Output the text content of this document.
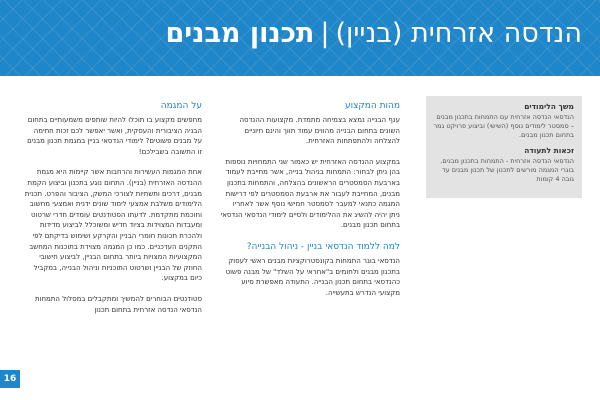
הנדסה אזרחית (בניין)|תכנון מבנים
משך הלימודים
הנדסאי הנדסה אזרחית עם התמחות בתכנון מבנים – סמסטר לימודים נוסף (השישי) וביצוע פרויקט גמר בתחום תכנון מבנים.
זכאות לתעודה
הנדסאי הנדסה אזרחית - התמחות בתכנון מבנים, בוגרי המגמה מורשים לתכנון של תכנון מבנים עד גובה 4 קומות
מהות המקצוע
ענף הבנייה נמצא בצמיחה מתמדת. מקצועות ההנדסה השונים בתחום הבנייה מהווים עמוד תווך והינם חיוניים להצלחה ולהתפתחות האזרחית.
במקצוע ההנדסה האזרחית יש כאמור שני התמחויות נוספות בהן ניתן לבחור: התמחות בניהול בנייה, אשר מחייבת לעמוד בארבעת הסמסטרים הראשונים בהצלחה, והתמחות בתכנון מבנים, המחייבת לעבור את ארבעת הסמסטרים לפי דרישות המגמה כתנאי למעבר לסמסטר חמישי נוסף אשר לאחריו ניתן יהיה להשיג את ההלימודים ולסיים לימודי הנדסאי הנדסאי בתחום תכנון מבנים.
למה ללמוד הנדסאי בניין - ניהול הבנייה?
הנדסאי בוגר התמחות בקונסטרוקציות מבנים ראשי לעסוק בתכנון מבנים ולחומים ב"אחראי על השלד" של מבנה פשוט כהנדסאי בתחום תכנון הבנייה. התעודה מאפשרת סיוע מקצועי הנדרש בתעשייה.
על המגמה
מחפשים מקצוע בו תוכלו להיות שותפים משמעותיים בתחום הבניה הציבורית והעסקית, ואשר יאפשר לכם זכות חתימה על מבנים פשוטים? לימודי הנדסאי בניין במגמת תכנון מבנים זו התשובה בשבילכם!
אחת המגמות העשירות והרחבות אשר קיימות היא מגמת ההנדסה האזרחית (בניין). התחום נוגע בתכנון וביצוע הקמת מבנים, דרכים ותשתיות לצורכי המשק, הציבור והפרט. תכנית הלימודים משלבת אמצעי לימוד שונים ידנית ואמצעי מחשוב וחוכמת מתקדמת. לדעתו הסטודנטים עומדים חדרי שרטוט ומעבדות המצוידות בציוד חדיש ומשוכלל לביצוע מדידות ולהכרת תכונות חומרי הבניין והקרקע ושימוש בדיקתם לפי התקנים העדכניים. כמו כן המגמה מצוידת בתוכנות המחשב המקצועיות המצויות ביותר בתחום הבניין, לביצוע חישובי החוזק של הבניין ושרטוט התוכניות וניהול הבנייה, במקביל כיום במקצוע.
סטודנטים הבוחרים להמשיך ומתקבלים במסלול התמחות הנדסאי הנדסה אזרחית בתחום תכנון
16
